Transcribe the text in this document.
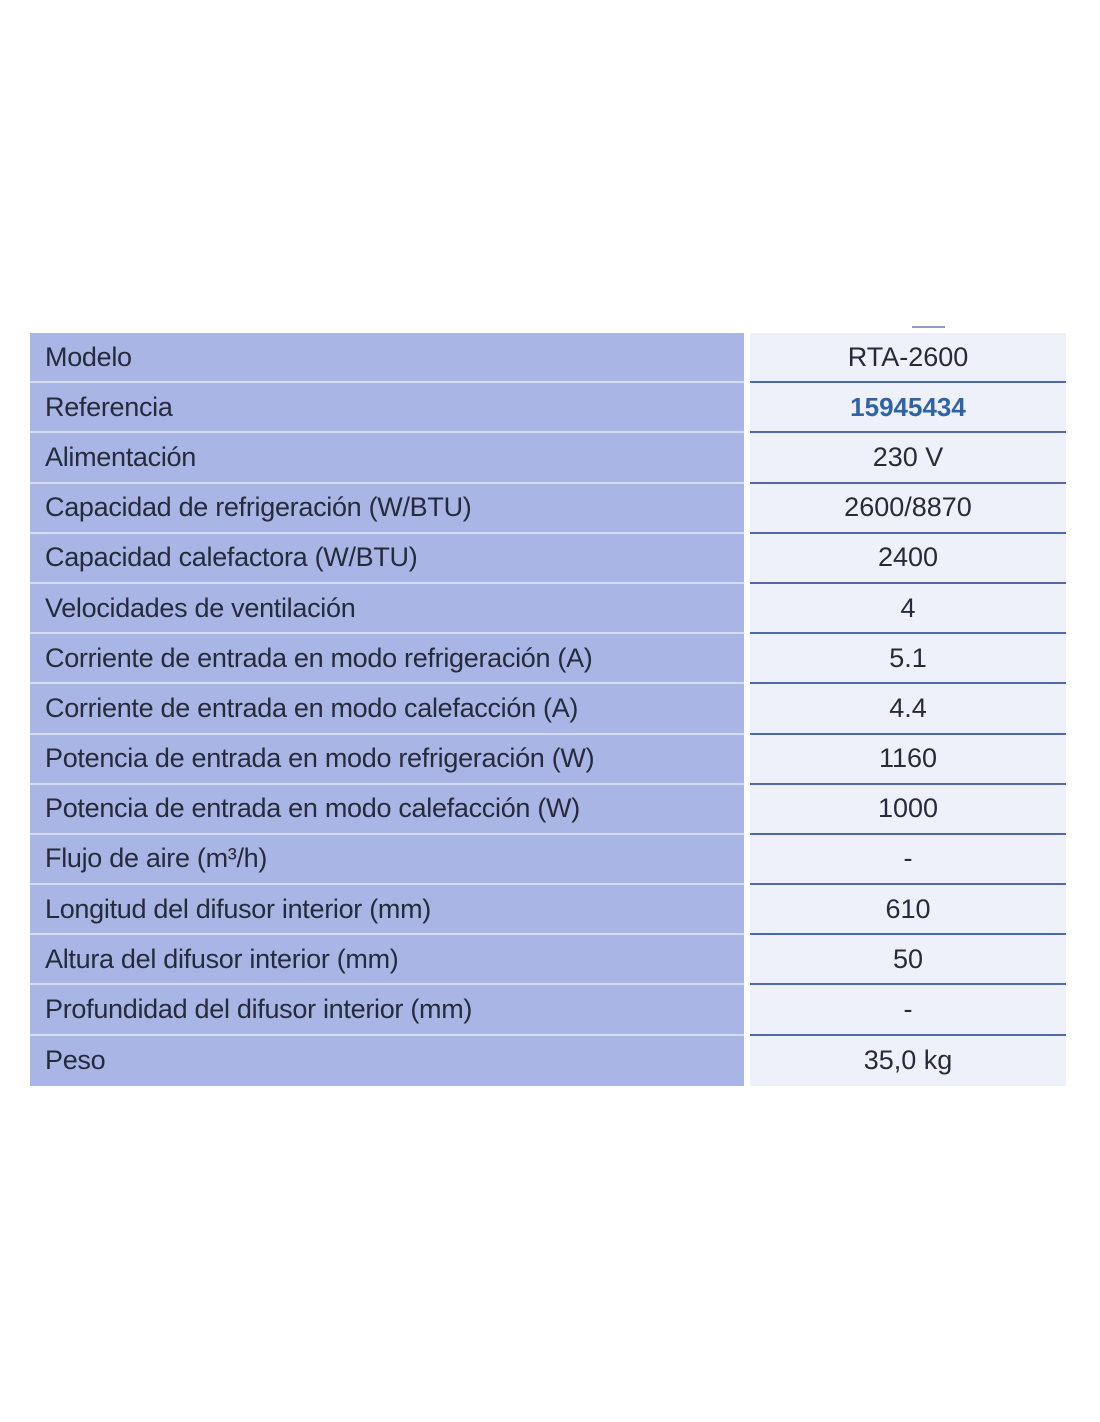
Modelo	RTA-2600
Referencia	15945434
Alimentación	230 V
Capacidad de refrigeración (W/BTU)	2600/8870
Capacidad calefactora (W/BTU)	2400
Velocidades de ventilación	4
Corriente de entrada en modo refrigeración (A)	5.1
Corriente de entrada en modo calefacción (A)	4.4
Potencia de entrada en modo refrigeración (W)	1160
Potencia de entrada en modo calefacción (W)	1000
Flujo de aire (m³/h)	-
Longitud del difusor interior (mm)	610
Altura del difusor interior (mm)	50
Profundidad del difusor interior (mm)	-
Peso	35,0 kg
